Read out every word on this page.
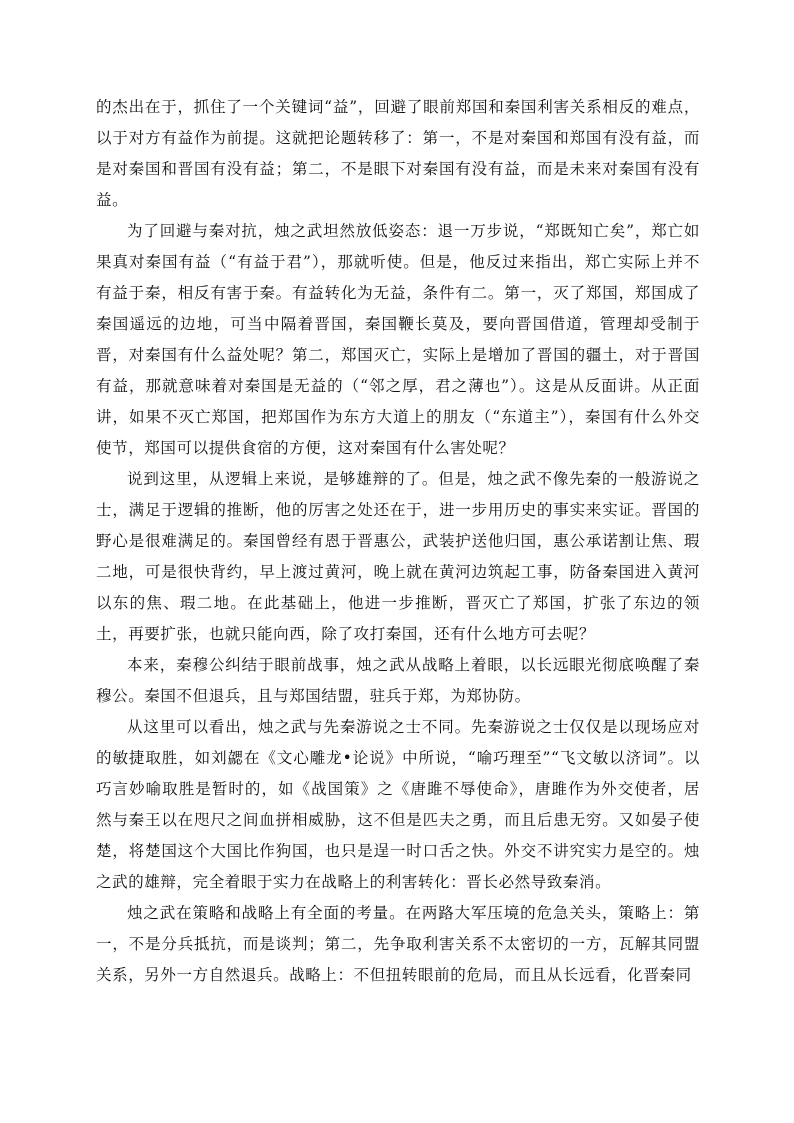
的杰出在于，抓住了一个关键词“益”，回避了眼前郑国和秦国利害关系相反的难点，以于对方有益作为前提。这就把论题转移了：第一，不是对秦国和郑国有没有益，而是对秦国和晋国有没有益；第二，不是眼下对秦国有没有益，而是未来对秦国有没有益。

为了回避与秦对抗，烛之武坦然放低姿态：退一万步说，“郑既知亡矣”，郑亡如果真对秦国有益（“有益于君”），那就听使。但是，他反过来指出，郑亡实际上并不有益于秦，相反有害于秦。有益转化为无益，条件有二。第一，灭了郑国，郑国成了秦国遥远的边地，可当中隔着晋国，秦国鞭长莫及，要向晋国借道，管理却受制于晋，对秦国有什么益处呢？第二，郑国灭亡，实际上是增加了晋国的疆土，对于晋国有益，那就意味着对秦国是无益的（“邻之厚，君之薄也”）。这是从反面讲。从正面讲，如果不灭亡郑国，把郑国作为东方大道上的朋友（“东道主”），秦国有什么外交使节，郑国可以提供食宿的方便，这对秦国有什么害处呢？

说到这里，从逻辑上来说，是够雄辩的了。但是，烛之武不像先秦的一般游说之士，满足于逻辑的推断，他的厉害之处还在于，进一步用历史的事实来实证。晋国的野心是很难满足的。秦国曾经有恩于晋惠公，武装护送他归国，惠公承诺割让焦、瑕二地，可是很快背约，早上渡过黄河，晚上就在黄河边筑起工事，防备秦国进入黄河以东的焦、瑕二地。在此基础上，他进一步推断，晋灭亡了郑国，扩张了东边的领土，再要扩张，也就只能向西，除了攻打秦国，还有什么地方可去呢？

本来，秦穆公纠结于眼前战事，烛之武从战略上着眼，以长远眼光彻底唤醒了秦穆公。秦国不但退兵，且与郑国结盟，驻兵于郑，为郑协防。

从这里可以看出，烛之武与先秦游说之士不同。先秦游说之士仅仅是以现场应对的敏捷取胜，如刘勰在《文心雕龙•论说》中所说，“喻巧理至”“飞文敏以济词”。以巧言妙喻取胜是暂时的，如《战国策》之《唐雎不辱使命》，唐雎作为外交使者，居然与秦王以在咫尺之间血拼相威胁，这不但是匹夫之勇，而且后患无穷。又如晏子使楚，将楚国这个大国比作狗国，也只是逞一时口舌之快。外交不讲究实力是空的。烛之武的雄辩，完全着眼于实力在战略上的利害转化：晋长必然导致秦消。

烛之武在策略和战略上有全面的考量。在两路大军压境的危急关头，策略上：第一，不是分兵抵抗，而是谈判；第二，先争取利害关系不太密切的一方，瓦解其同盟关系，另外一方自然退兵。战略上：不但扭转眼前的危局，而且从长远看，化晋秦同
